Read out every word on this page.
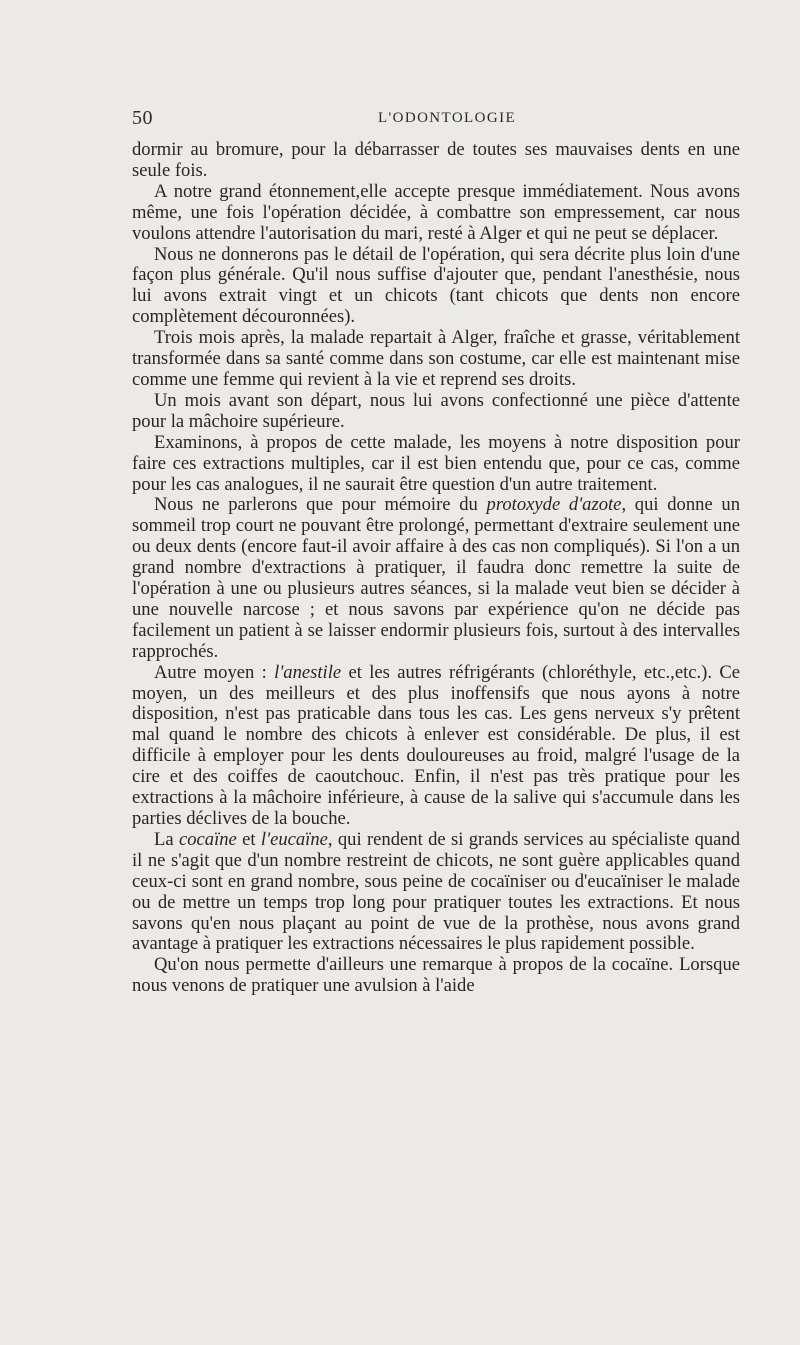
50	L'ODONTOLOGIE

dormir au bromure, pour la débarrasser de toutes ses mauvaises dents en une seule fois.

A notre grand étonnement,elle accepte presque immédiatement. Nous avons même, une fois l'opération décidée, à combattre son empressement, car nous voulons attendre l'autorisation du mari, resté à Alger et qui ne peut se déplacer.

Nous ne donnerons pas le détail de l'opération, qui sera décrite plus loin d'une façon plus générale. Qu'il nous suffise d'ajouter que, pendant l'anesthésie, nous lui avons extrait vingt et un chicots (tant chicots que dents non encore complètement découronnées).

Trois mois après, la malade repartait à Alger, fraîche et grasse, véritablement transformée dans sa santé comme dans son costume, car elle est maintenant mise comme une femme qui revient à la vie et reprend ses droits.

Un mois avant son départ, nous lui avons confectionné une pièce d'attente pour la mâchoire supérieure.

Examinons, à propos de cette malade, les moyens à notre disposition pour faire ces extractions multiples, car il est bien entendu que, pour ce cas, comme pour les cas analogues, il ne saurait être question d'un autre traitement.

Nous ne parlerons que pour mémoire du protoxyde d'azote, qui donne un sommeil trop court ne pouvant être prolongé, permettant d'extraire seulement une ou deux dents (encore faut-il avoir affaire à des cas non compliqués). Si l'on a un grand nombre d'extractions à pratiquer, il faudra donc remettre la suite de l'opération à une ou plusieurs autres séances, si la malade veut bien se décider à une nouvelle narcose ; et nous savons par expérience qu'on ne décide pas facilement un patient à se laisser endormir plusieurs fois, surtout à des intervalles rapprochés.

Autre moyen : l'anestile et les autres réfrigérants (chloréthyle, etc.,etc.). Ce moyen, un des meilleurs et des plus inoffensifs que nous ayons à notre disposition, n'est pas praticable dans tous les cas. Les gens nerveux s'y prêtent mal quand le nombre des chicots à enlever est considérable. De plus, il est difficile à employer pour les dents douloureuses au froid, malgré l'usage de la cire et des coiffes de caoutchouc. Enfin, il n'est pas très pratique pour les extractions à la mâchoire inférieure, à cause de la salive qui s'accumule dans les parties déclives de la bouche.

La cocaïne et l'eucaïne, qui rendent de si grands services au spécialiste quand il ne s'agit que d'un nombre restreint de chicots, ne sont guère applicables quand ceux-ci sont en grand nombre, sous peine de cocaïniser ou d'eucaïniser le malade ou de mettre un temps trop long pour pratiquer toutes les extractions. Et nous savons qu'en nous plaçant au point de vue de la prothèse, nous avons grand avantage à pratiquer les extractions nécessaires le plus rapidement possible.

Qu'on nous permette d'ailleurs une remarque à propos de la cocaïne. Lorsque nous venons de pratiquer une avulsion à l'aide
